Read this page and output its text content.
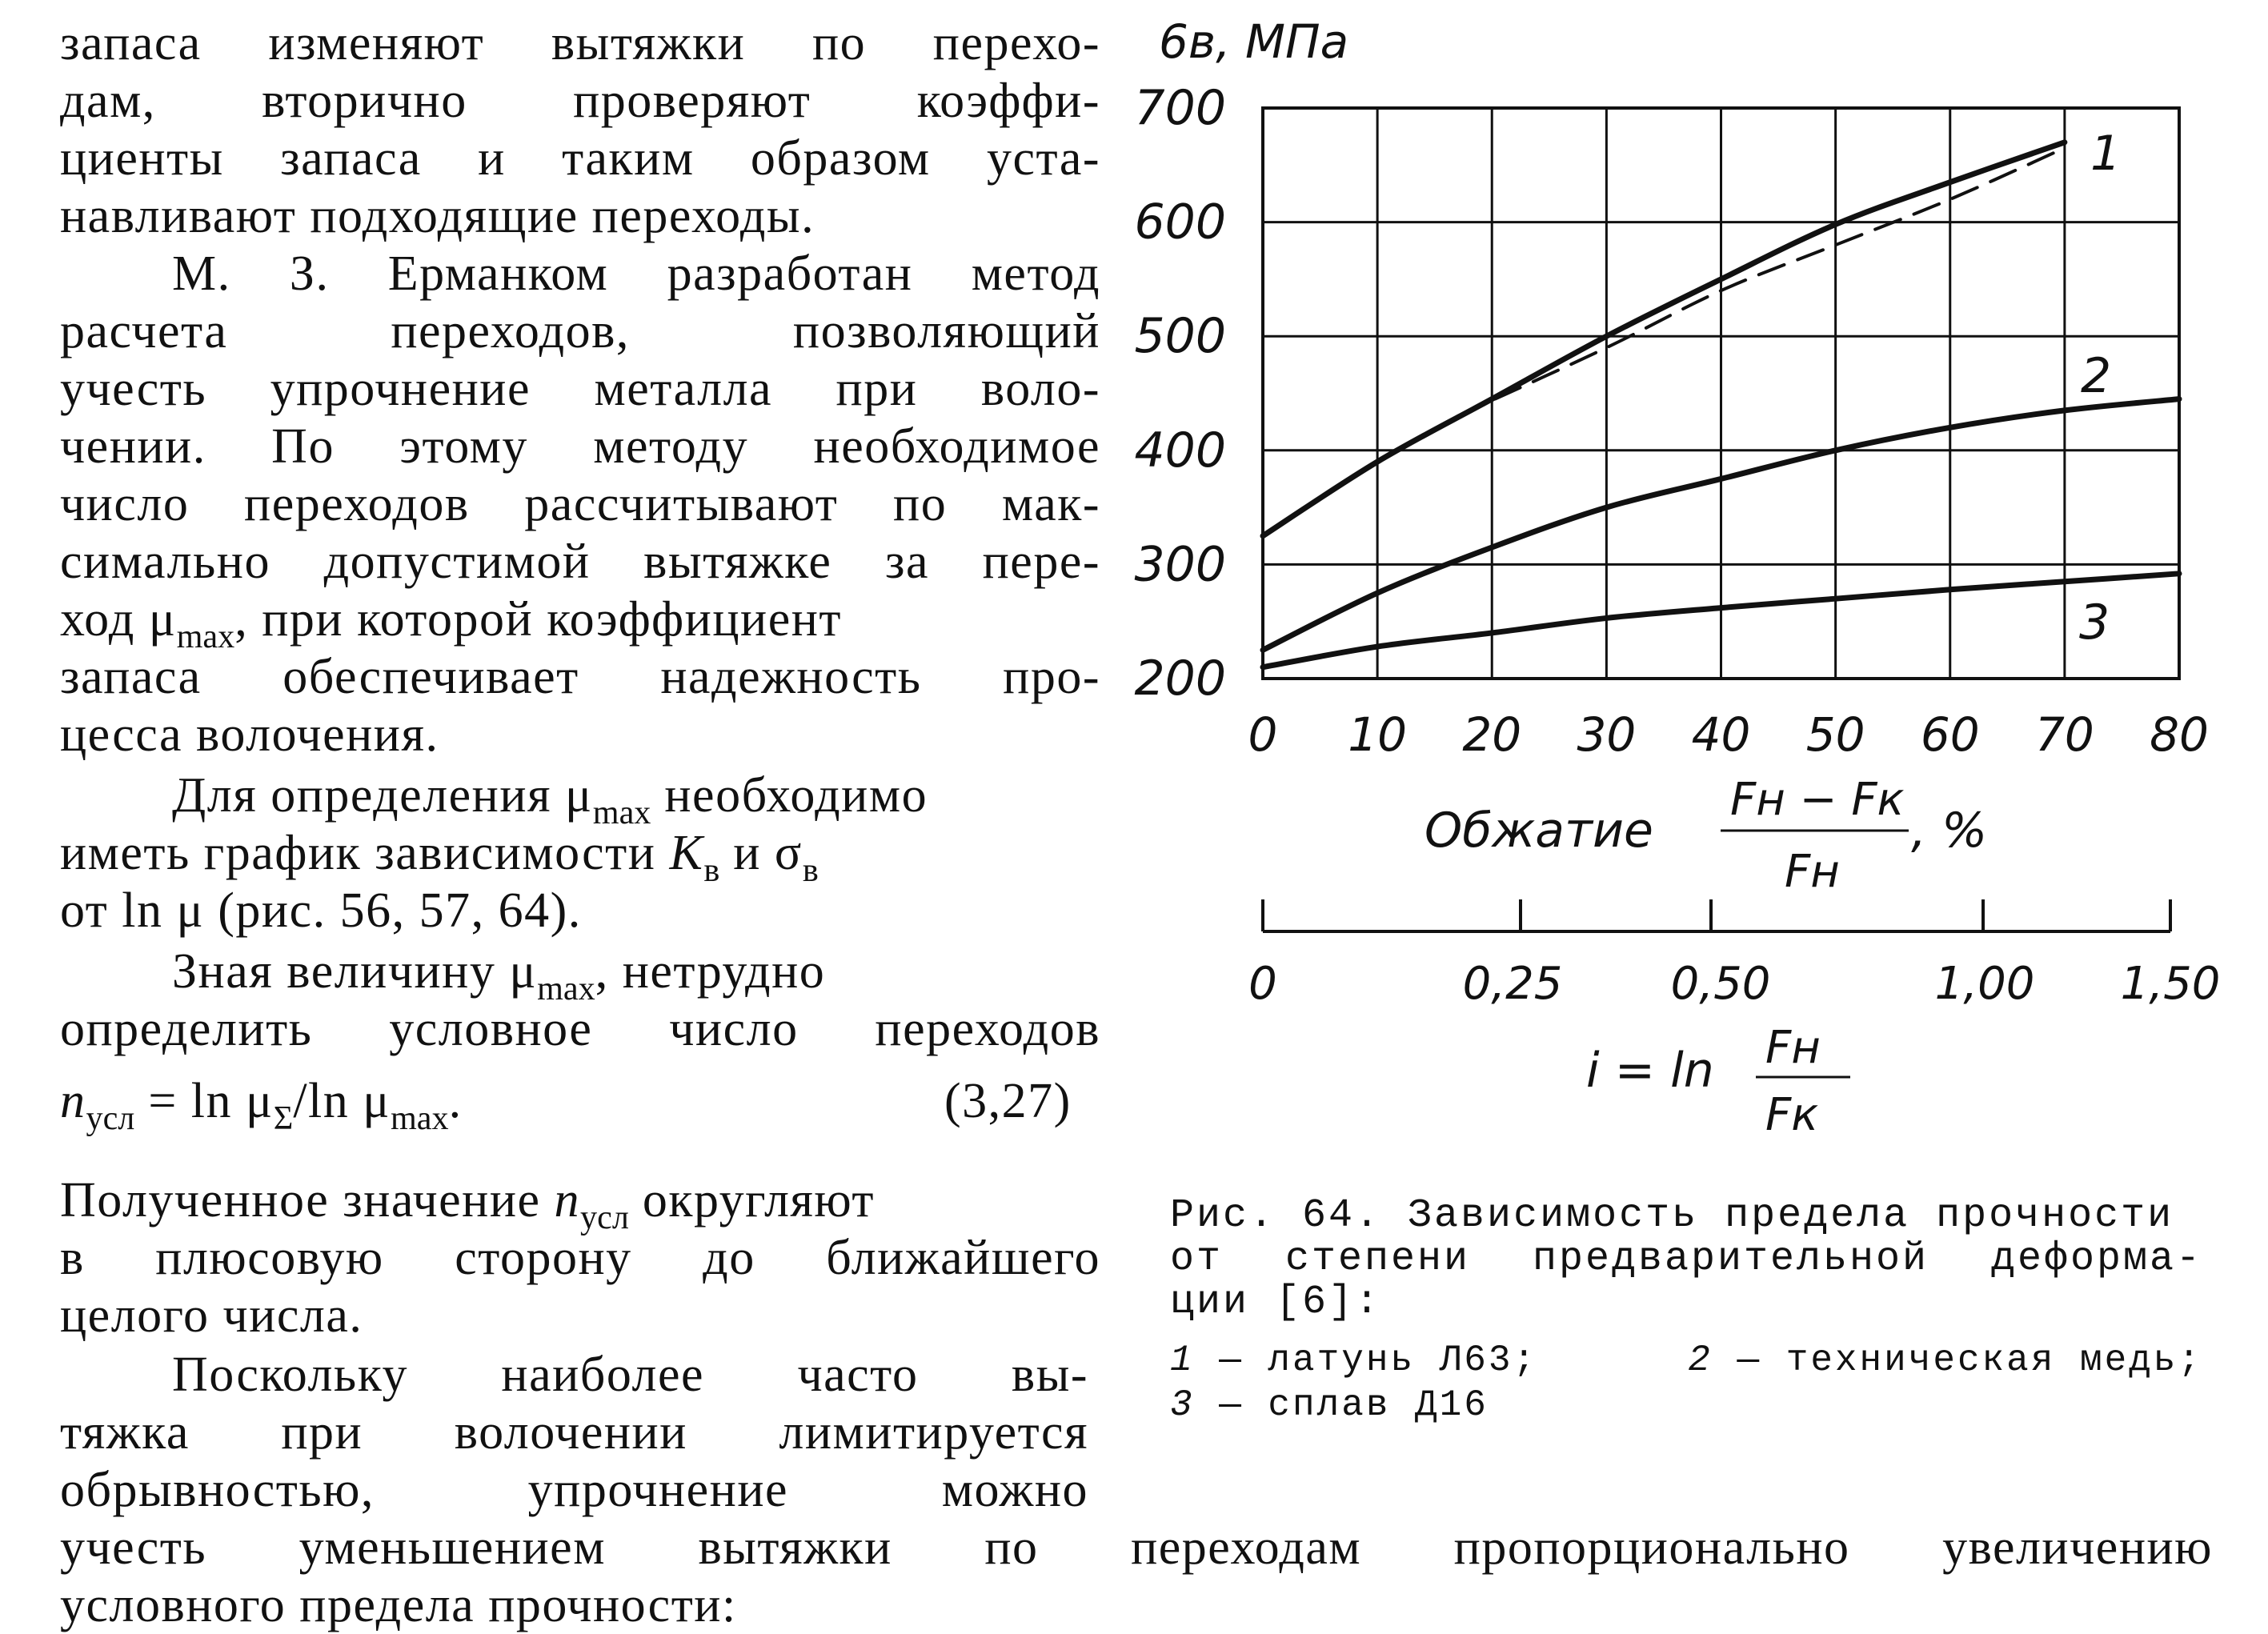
запаса изменяют вытяжки по перехо-
дам, вторично проверяют коэффи-
циенты запаса и таким образом уста-
навливают подходящие переходы.
М. З. Ерманком разработан метод
расчета переходов, позволяющий
учесть упрочнение металла при воло-
чении. По этому методу необходимое
число переходов рассчитывают по мак-
симально допустимой вытяжке за пере-
ход $\mu_{max}$, при которой коэффициент
запаса обеспечивает надежность про-
цесса волочения.
Для определения $\mu_{max}$ необходимо
иметь график зависимости $K_в$ и $\sigma_в$
от ln μ (рис. 56, 57, 64).
Зная величину $\mu_{max}$, нетрудно
определить условное число переходов
$n_{усл} = \ln \mu_\Sigma/\ln$ $\mu_{max}$.	(3,27)
Полученное значение $n_{усл}$ округляют
в плюсовую сторону до ближайшего
целого числа.
Поскольку наиболее часто вы-
тяжка при волочении лимитируется
обрывностью, упрочнение можно
учесть уменьшением вытяжки по переходам пропорционально увеличению
условного предела прочности:
6в, МПа
200
300
400
500
600
700
0 10 20 30 40 50 60 70 80
1
2
3
Обжатие
Fн − Fк
Fн
, %
0	0,25 0,50	1,00 1,50
i = ln Fн
Fк
Рис. 64. Зависимость предела прочности
от степени предварительной деформа-
ции [6]:
1 — латунь Л63;	2 — техническая медь;
3 — сплав Д16
